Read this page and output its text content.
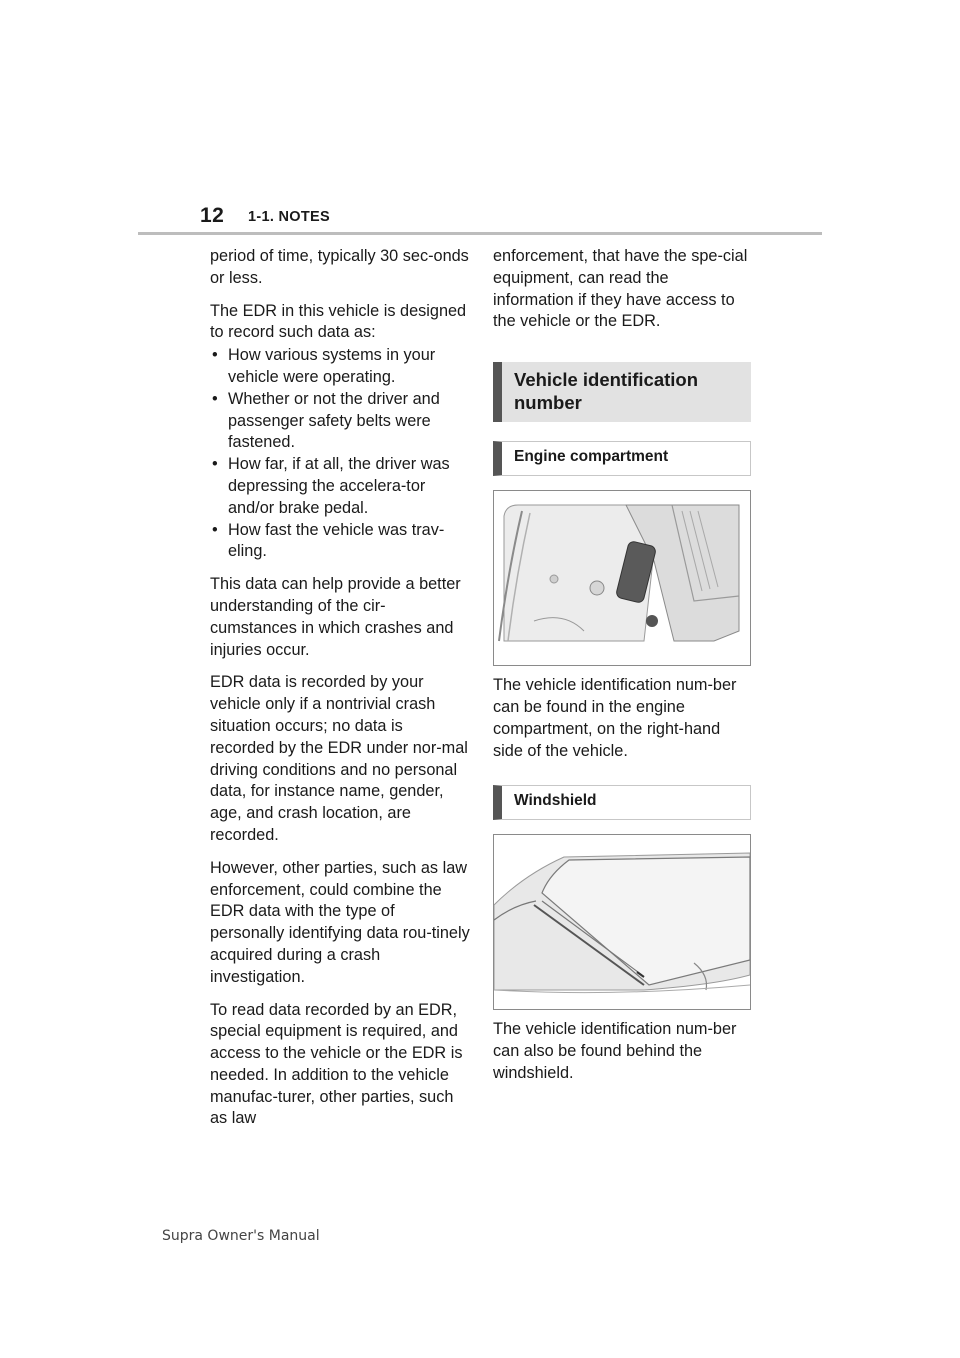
12 1-1. NOTES

period of time, typically 30 sec-onds or less.

The EDR in this vehicle is designed to record such data as:

• How various systems in your vehicle were operating.
• Whether or not the driver and passenger safety belts were fastened.
• How far, if at all, the driver was depressing the accelera-tor and/or brake pedal.
• How fast the vehicle was trav-eling.

This data can help provide a better understanding of the cir-cumstances in which crashes and injuries occur.

EDR data is recorded by your vehicle only if a nontrivial crash situation occurs; no data is recorded by the EDR under nor-mal driving conditions and no personal data, for instance name, gender, age, and crash location, are recorded.

However, other parties, such as law enforcement, could combine the EDR data with the type of personally identifying data rou-tinely acquired during a crash investigation.

To read data recorded by an EDR, special equipment is required, and access to the vehicle or the EDR is needed. In addition to the vehicle manufac-turer, other parties, such as law

enforcement, that have the spe-cial equipment, can read the information if they have access to the vehicle or the EDR.

Vehicle identification number
Engine compartment

The vehicle identification num-ber can be found in the engine compartment, on the right-hand side of the vehicle.

Windshield

The vehicle identification num-ber can also be found behind the windshield.

Supra Owner's Manual
